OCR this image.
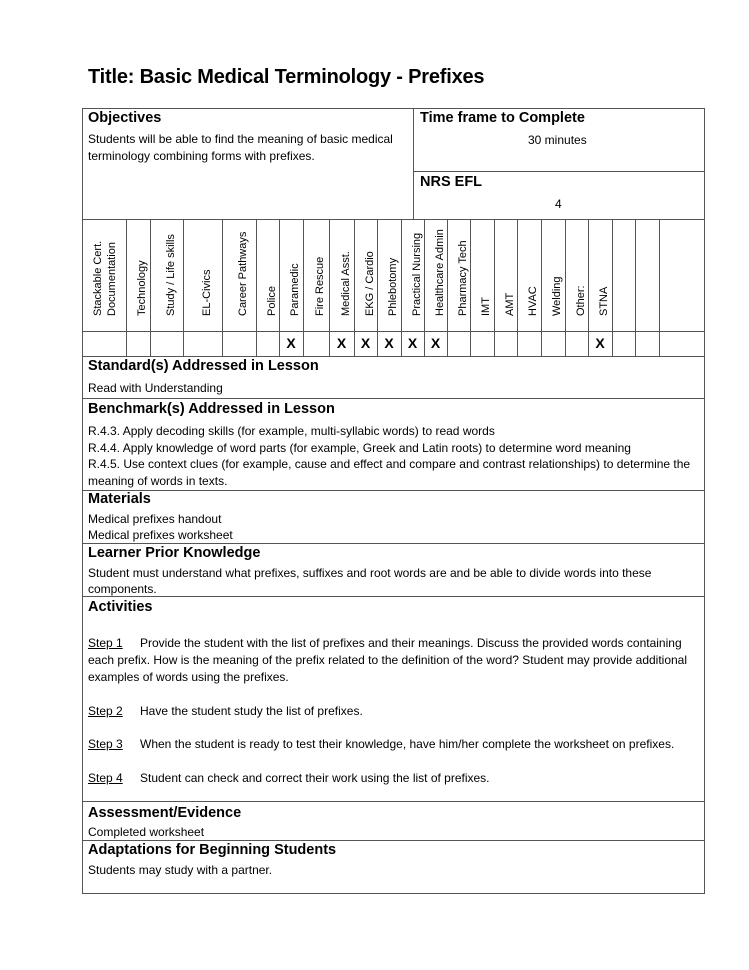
Title: Basic Medical Terminology - Prefixes
Objectives
Students will be able to find the meaning of basic medical
terminology combining forms with prefixes.
Time frame to Complete
30 minutes
NRS EFL
4
Stackable Cert. Documentation Technology Study / Life skills EL-Civics Career Pathways Police Paramedic
X
Fire Rescue Medical Asst.
X
EKG / Cardio
X
Phlebotomy
X
Practical Nursing
X
Healthcare Admin
X
Pharmacy Tech IMT AMT HVAC Welding Other: STNA
X
Standard(s) Addressed in Lesson
Read with Understanding
Benchmark(s) Addressed in Lesson
R.4.3. Apply decoding skills (for example, multi-syllabic words) to read words
R.4.4. Apply knowledge of word parts (for example, Greek and Latin roots) to determine word meaning
R.4.5. Use context clues (for example, cause and effect and compare and contrast relationships) to determine the
meaning of words in texts.
Materials
Medical prefixes handout
Medical prefixes worksheet
Learner Prior Knowledge
Student must understand what prefixes, suffixes and root words are and be able to divide words into these
components.
Activities
Step 1 Provide the student with the list of prefixes and their meanings. Discuss the provided words containing
each prefix. How is the meaning of the prefix related to the definition of the word? Student may provide additional
examples of words using the prefixes.
Step 2 Have the student study the list of prefixes.
Step 3 When the student is ready to test their knowledge, have him/her complete the worksheet on prefixes.
Step 4 Student can check and correct their work using the list of prefixes.
Assessment/Evidence
Completed worksheet
Adaptations for Beginning Students
Students may study with a partner.
